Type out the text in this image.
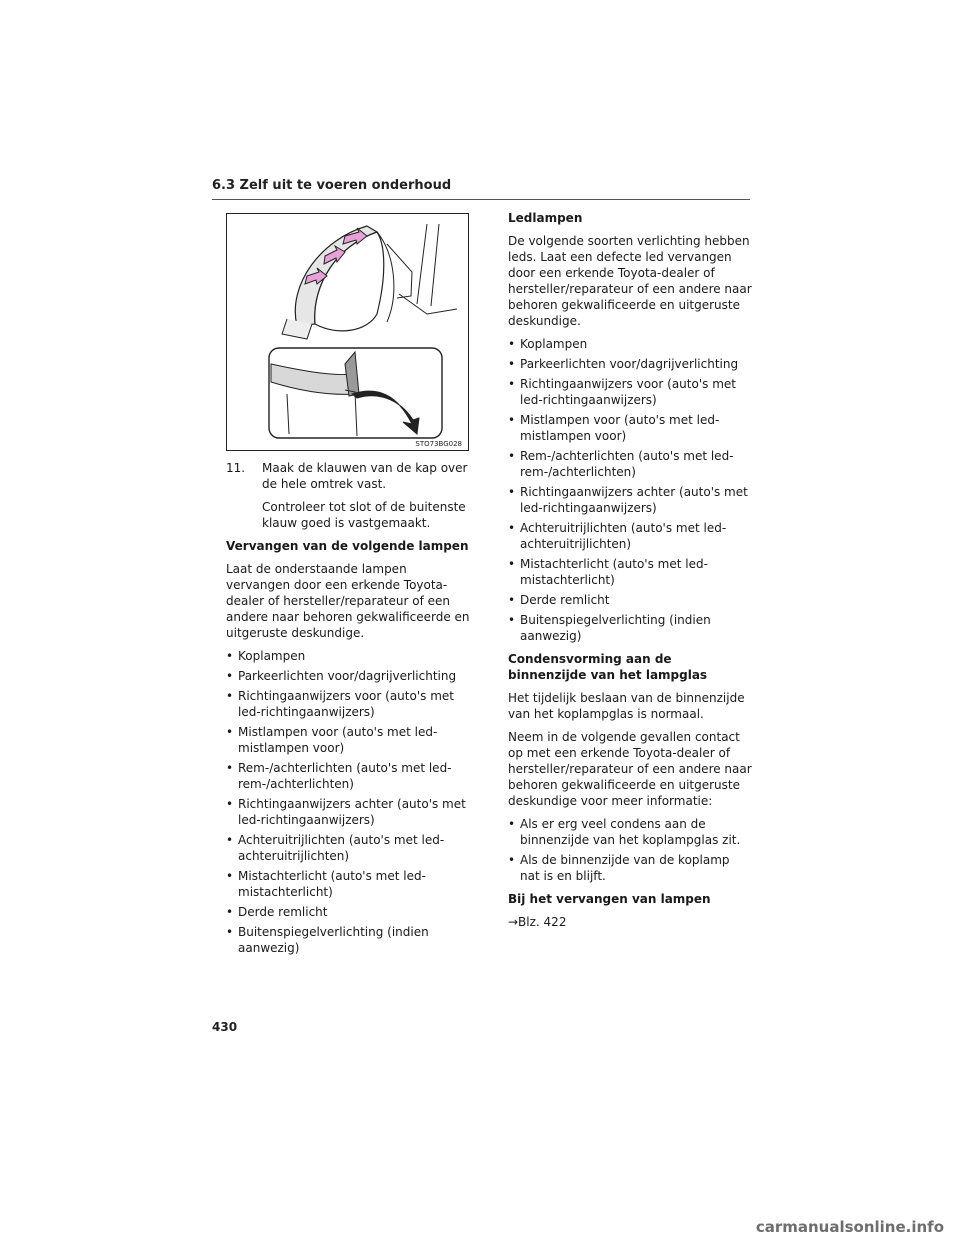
6.3 Zelf uit te voeren onderhoud
STO73BG028
11. Maak de klauwen van de kap over de hele omtrek vast.

Controleer tot slot of de buitenste klauw goed is vastgemaakt.

Vervangen van de volgende lampen

Laat de onderstaande lampen vervangen door een erkende Toyota-dealer of hersteller/reparateur of een andere naar behoren gekwalificeerde en uitgeruste deskundige.

• Koplampen
• Parkeerlichten voor/dagrijverlichting
• Richtingaanwijzers voor (auto's met led-richtingaanwijzers)
• Mistlampen voor (auto's met led-mistlampen voor)
• Rem-/achterlichten (auto's met led-rem-/achterlichten)
• Richtingaanwijzers achter (auto's met led-richtingaanwijzers)
• Achteruitrijlichten (auto's met led-achteruitrijlichten)
• Mistachterlicht (auto's met led-mistachterlicht)
• Derde remlicht
• Buitenspiegelverlichting (indien aanwezig)
Ledlampen

De volgende soorten verlichting hebben leds. Laat een defecte led vervangen door een erkende Toyota-dealer of hersteller/reparateur of een andere naar behoren gekwalificeerde en uitgeruste deskundige.

• Koplampen
• Parkeerlichten voor/dagrijverlichting
• Richtingaanwijzers voor (auto's met led-richtingaanwijzers)
• Mistlampen voor (auto's met led-mistlampen voor)
• Rem-/achterlichten (auto's met led-rem-/achterlichten)
• Richtingaanwijzers achter (auto's met led-richtingaanwijzers)
• Achteruitrijlichten (auto's met led-achteruitrijlichten)
• Mistachterlicht (auto's met led-mistachterlicht)
• Derde remlicht
• Buitenspiegelverlichting (indien aanwezig)
Condensvorming aan de binnenzijde van het lampglas

Het tijdelijk beslaan van de binnenzijde van het koplampglas is normaal.

Neem in de volgende gevallen contact op met een erkende Toyota-dealer of hersteller/reparateur of een andere naar behoren gekwalificeerde en uitgeruste deskundige voor meer informatie:

• Als er erg veel condens aan de binnenzijde van het koplampglas zit.
• Als de binnenzijde van de koplamp nat is en blijft.
Bij het vervangen van lampen

→Blz. 422

430
carmanualsonline.info
